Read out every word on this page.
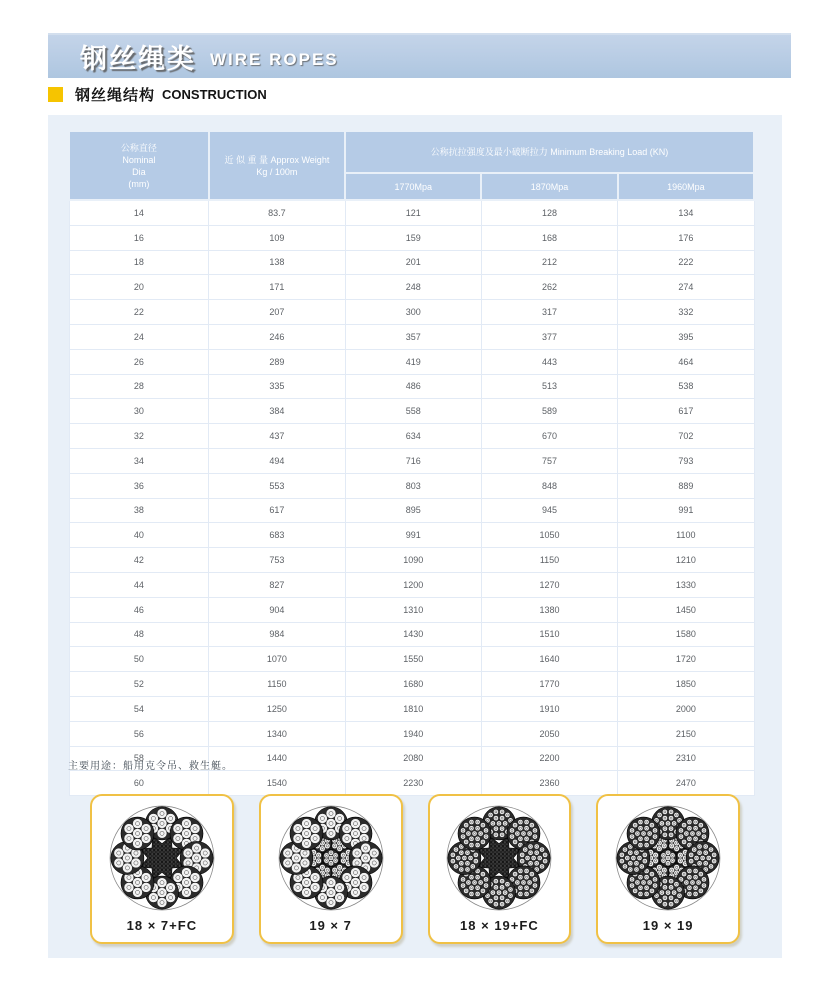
钢丝绳类 WIRE ROPES
钢丝绳结构 CONSTRUCTION
公称直径
Nominal
Dia
(mm)

近 似 重 量 Approx Weight
Kg / 100m
	公称抗拉强度及最小破断拉力 Minimum Breaking Load (KN)
		1770Mpa	1870Mpa	1960Mpa
14	83.7	121	128	134
16	109	159	168	176
18	138	201	212	222
20	171	248	262	274
22	207	300	317	332
24	246	357	377	395
26	289	419	443	464
28	335	486	513	538
30	384	558	589	617
32	437	634	670	702
34	494	716	757	793
36	553	803	848	889
38	617	895	945	991
40	683	991	1050	1100
42	753	1090	1150	1210
44	827	1200	1270	1330
46	904	1310	1380	1450
48	984	1430	1510	1580
50	1070	1550	1640	1720
52	1150	1680	1770	1850
54	1250	1810	1910	2000
56	1340	1940	2050	2150
58	1440	2080	2200	2310
60	1540	2230	2360	2470
主要用途：船用克令吊、救生艇。
18 × 7+FC	19 × 7	18 × 19+FC	19 × 19
